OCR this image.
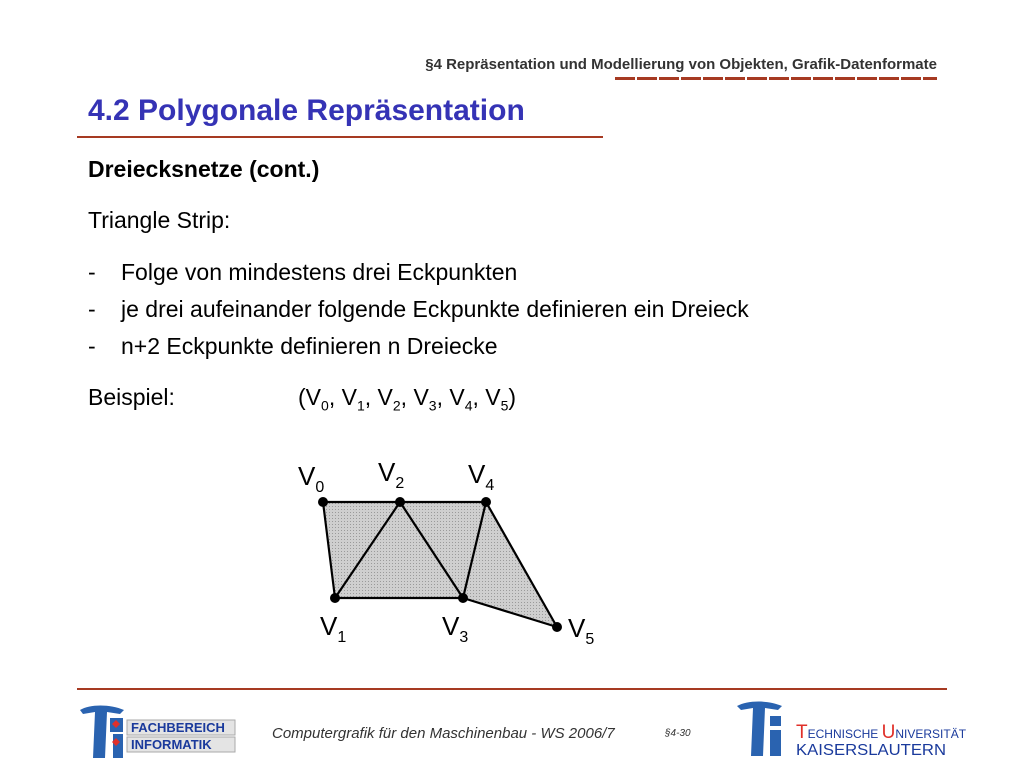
§4 Repräsentation und Modellierung von Objekten, Grafik-Datenformate
4.2 Polygonale Repräsentation
Dreiecksnetze (cont.)
Triangle Strip:
- Folge von mindestens drei Eckpunkten
- je drei aufeinander folgende Eckpunkte definieren ein Dreieck
- n+2 Eckpunkte definieren n Dreiecke
Beispiel:	($V_0$, $V_1$, $V_2$, $V_3$, $V_4$, $V_5$)
$V_0$
$V_1$
$V_2$
$V_3$
$V_4$
$V_5$
FACHBEREICH
INFORMATIK
Computergrafik für den Maschinenbau - WS 2006/7	§4-30	TECHNISCHE UNIVERSITÄT
KAISERSLAUTERN
